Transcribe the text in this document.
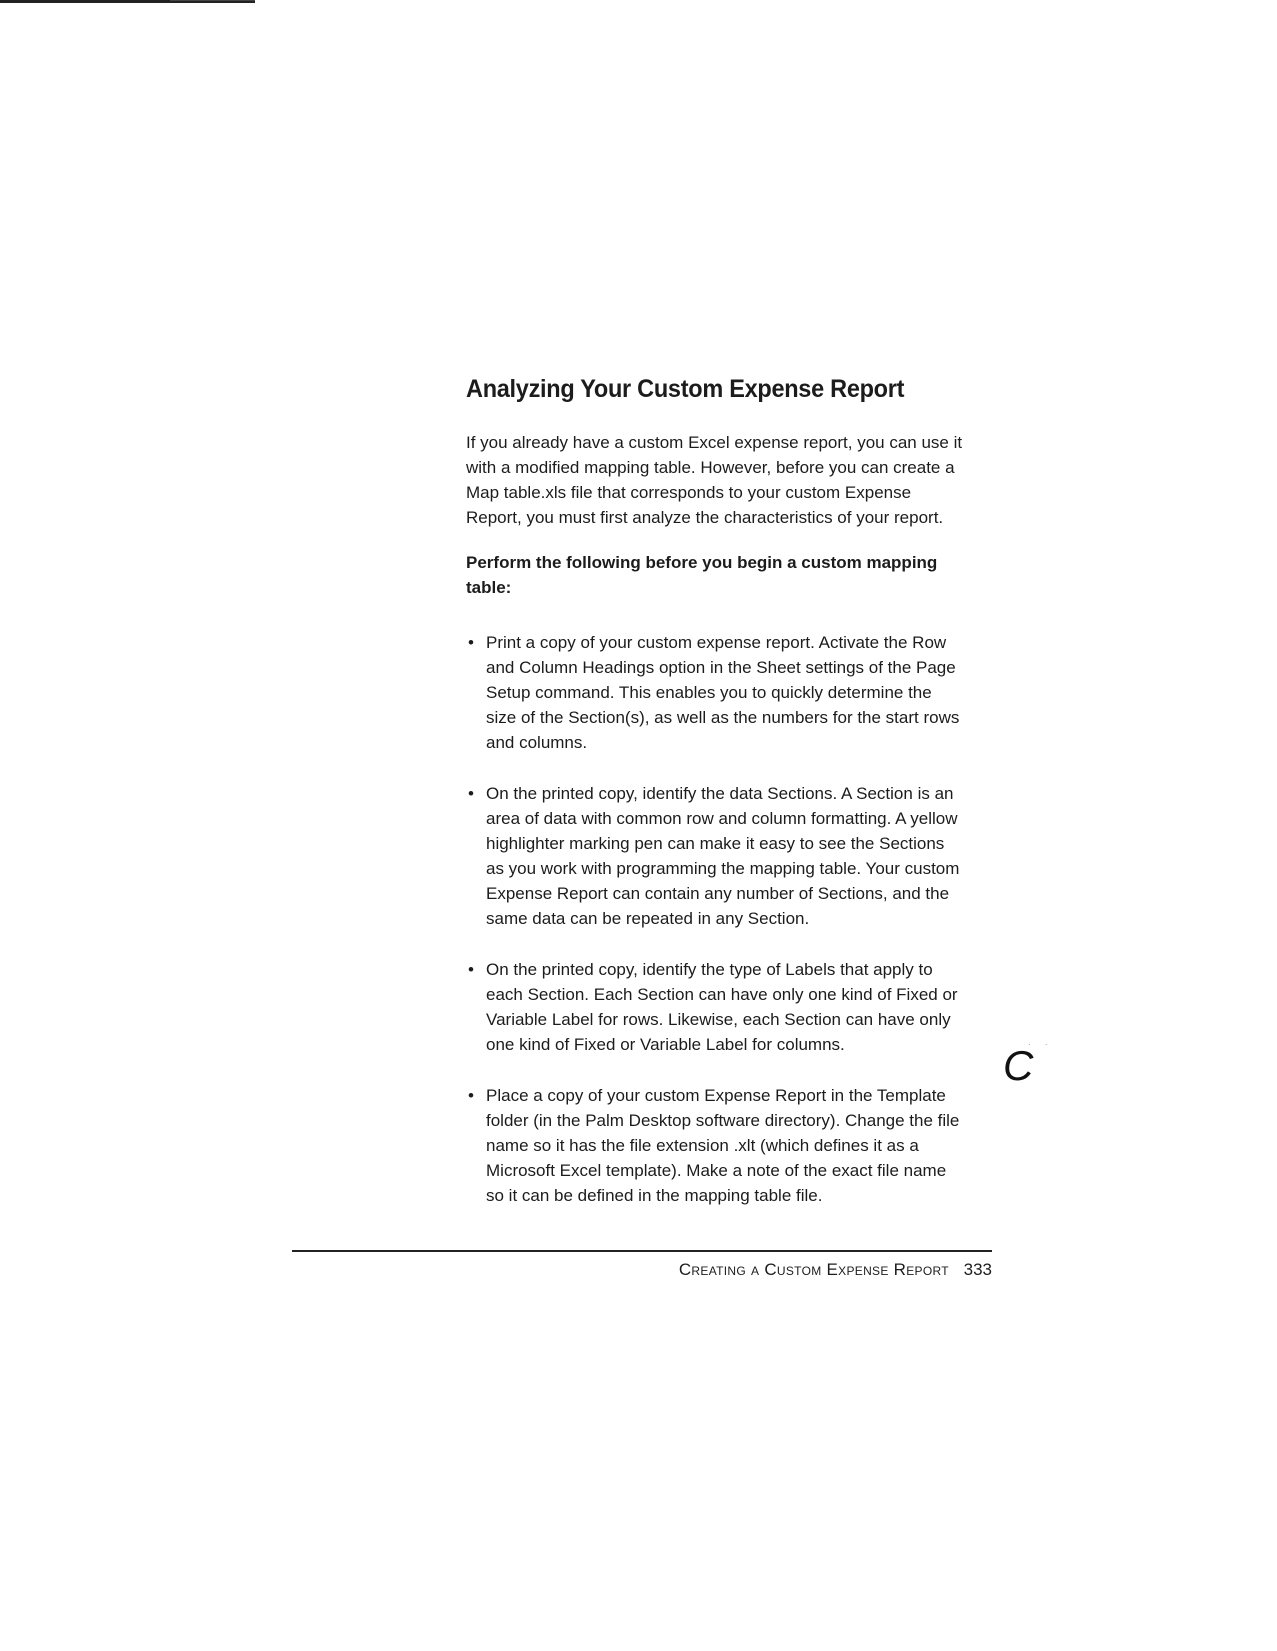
Analyzing Your Custom Expense Report

If you already have a custom Excel expense report, you can use it with a modified mapping table. However, before you can create a Map table.xls file that corresponds to your custom Expense Report, you must first analyze the characteristics of your report.

Perform the following before you begin a custom mapping table:

• Print a copy of your custom expense report. Activate the Row and Column Headings option in the Sheet settings of the Page Setup command. This enables you to quickly determine the size of the Section(s), as well as the numbers for the start rows and columns.
• On the printed copy, identify the data Sections. A Section is an area of data with common row and column formatting. A yellow highlighter marking pen can make it easy to see the Sections as you work with programming the mapping table. Your custom Expense Report can contain any number of Sections, and the same data can be repeated in any Section.
• On the printed copy, identify the type of Labels that apply to each Section. Each Section can have only one kind of Fixed or Variable Label for rows. Likewise, each Section can have only one kind of Fixed or Variable Label for columns.
• Place a copy of your custom Expense Report in the Template folder (in the Palm Desktop software directory). Change the file name so it has the file extension .xlt (which defines it as a Microsoft Excel template). Make a note of the exact file name so it can be defined in the mapping table file.
C
· ·
Creating a Custom Expense Report 333
